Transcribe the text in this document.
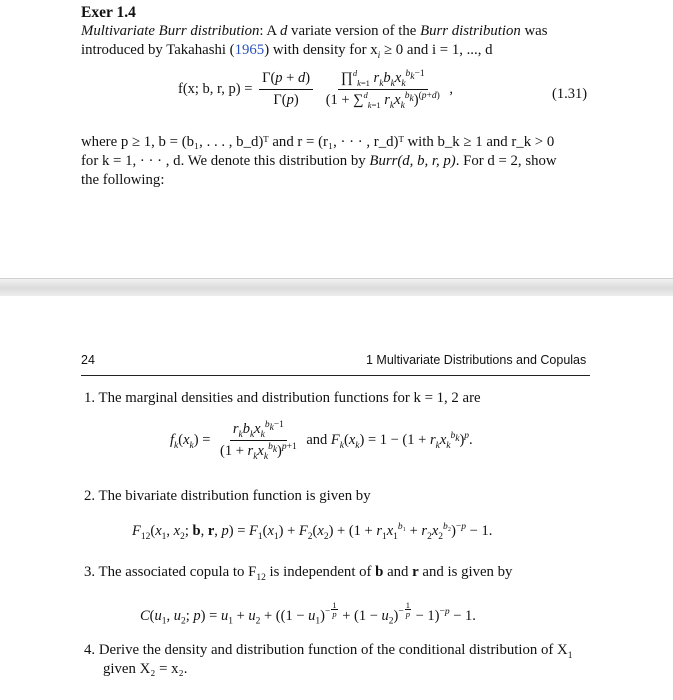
Exer 1.4
Multivariate Burr distribution: A d variate version of the Burr distribution was
introduced by Takahashi (1965) with density for $x_i \ge 0$ and i = 1, ..., d
f(x; b, r, $p) = \frac{\Gamma(p + d)}{\Gamma(p)}$
$\frac{\prod^d_{k=1} r_kb_kx_k^{b_k-1}}{(1 + \sum^d_{k=1} r_kx_k^{b_k})^{(p+d)}}$ ,	(1.31)
where p ≥ 1, b = (b₁, . . . , b_d)ᵀ and r = (r₁, · · · , r_d)ᵀ with b_k ≥ 1 and r_k > 0
for k = 1, · · · , d. We denote this distribution by Burr(d, b, r, p). For d = 2, show
the following:
24	1 Multivariate Distributions and Copulas
1. The marginal densities and distribution functions for k = 1, 2 are
$f_k(x_k) = \frac{r_kb_kx_k^{b_k-1}}{(1 + r_kx_k^{b_k})^{p+1}}$ and $F_k(x_k) = 1 - (1 + r_kx_k^{b_k})^p$.
2. The bivariate distribution function is given by
$F_{12}(x_1$, $x_2$; b, r, $p) = F_1(x_1) + F_2(x_2) + (1 + r_1x_1^{b_1} + r_2x_2^{b_2})^{-p} - 1$.
3. The associated copula to $F_{12}$ is independent of b and r and is given by
$C(u_1$, $u_2$; $p) = u_1 + u_2 + ((1 - u_1)^{- \frac{1}{p}} + (1 - u_2)^{- \frac{1}{p}} - 1)^{-p} - 1$.
4. Derive the density and distribution function of the conditional distribution of $X_1$
given X₂ = x₂.
